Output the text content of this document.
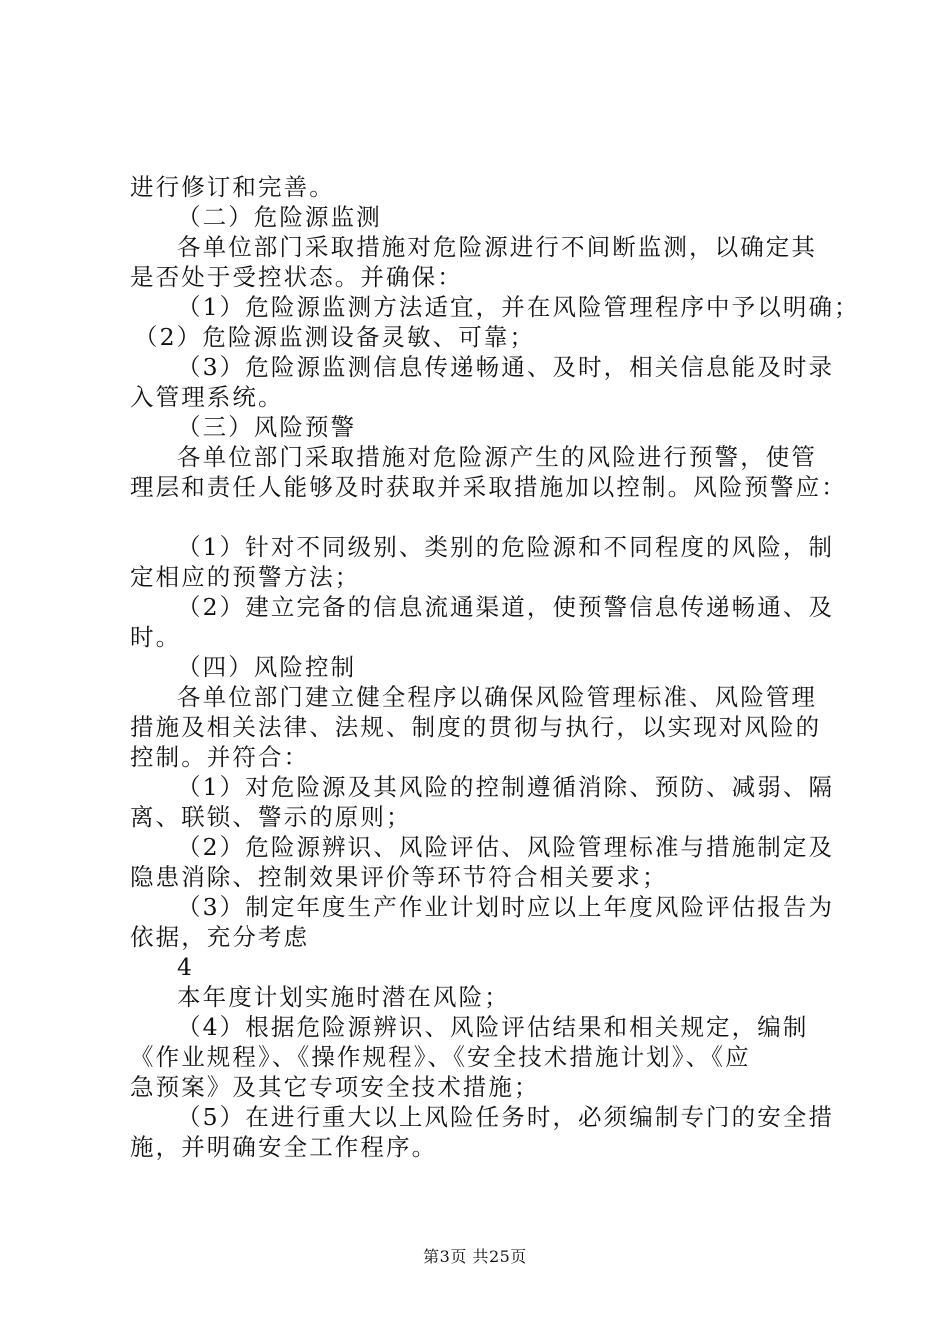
进行修订和完善。
（二）危险源监测
各单位部门采取措施对危险源进行不间断监测，以确定其
是否处于受控状态。并确保：
（1）危险源监测方法适宜，并在风险管理程序中予以明确；
（2）危险源监测设备灵敏、可靠；
（3）危险源监测信息传递畅通、及时，相关信息能及时录
入管理系统。
（三）风险预警
各单位部门采取措施对危险源产生的风险进行预警，使管
理层和责任人能够及时获取并采取措施加以控制。风险预警应：
（1）针对不同级别、类别的危险源和不同程度的风险，制
定相应的预警方法；
（2）建立完备的信息流通渠道，使预警信息传递畅通、及
时。
（四）风险控制
各单位部门建立健全程序以确保风险管理标准、风险管理
措施及相关法律、法规、制度的贯彻与执行，以实现对风险的
控制。并符合：
（1）对危险源及其风险的控制遵循消除、预防、减弱、隔
离、联锁、警示的原则；
（2）危险源辨识、风险评估、风险管理标准与措施制定及
隐患消除、控制效果评价等环节符合相关要求；
（3）制定年度生产作业计划时应以上年度风险评估报告为
依据，充分考虑
4
本年度计划实施时潜在风险；
（4）根据危险源辨识、风险评估结果和相关规定，编制
《作业规程》、《操作规程》、《安全技术措施计划》、《应
急预案》及其它专项安全技术措施；
（5）在进行重大以上风险任务时，必须编制专门的安全措
施，并明确安全工作程序。
第3页 共25页
